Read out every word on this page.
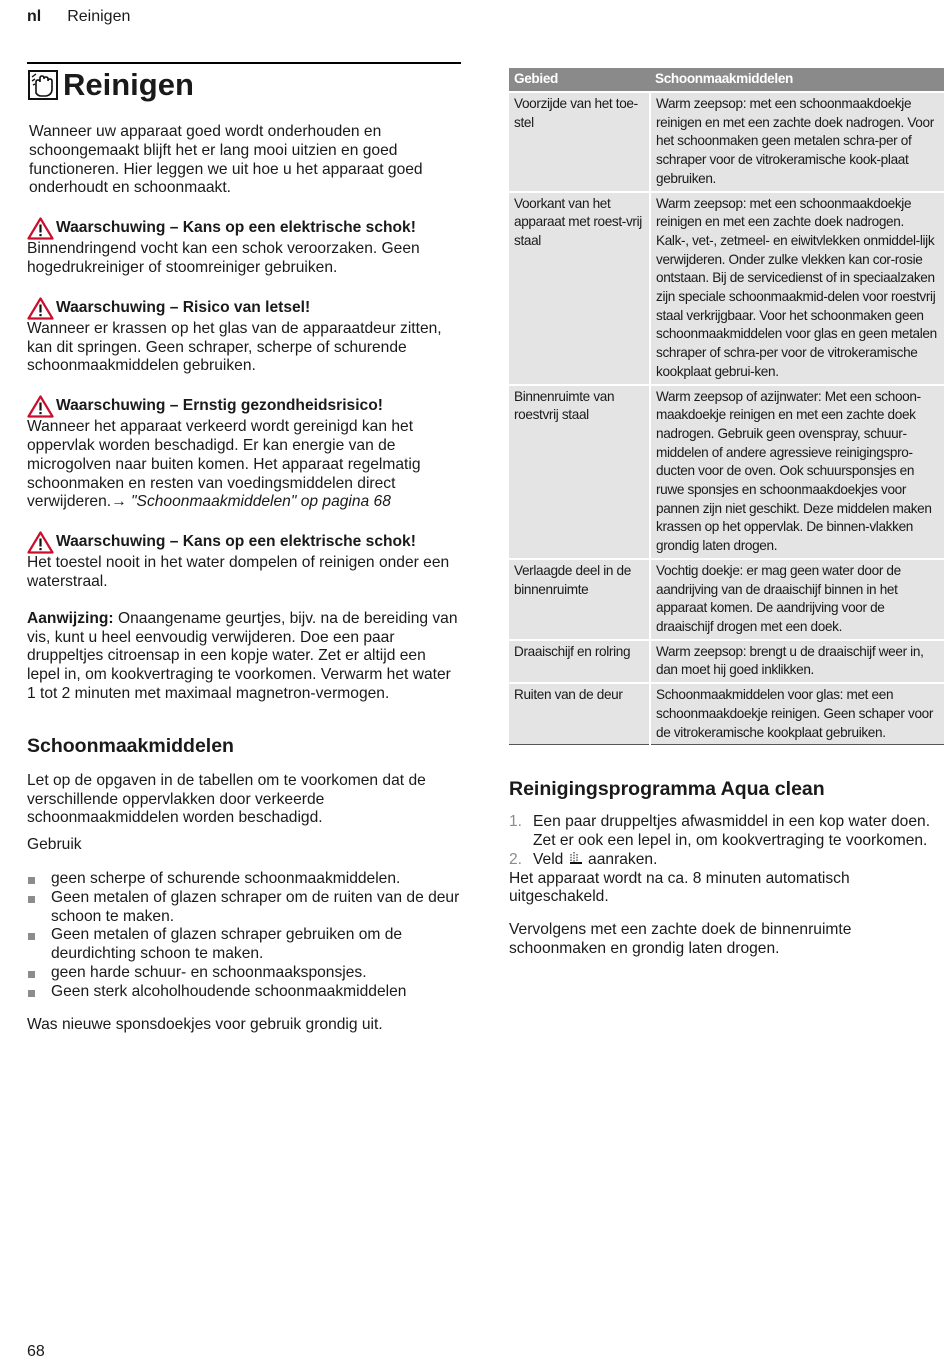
nl Reinigen
Reinigen

Wanneer uw apparaat goed wordt onderhouden en schoongemaakt blijft het er lang mooi uitzien en goed functioneren. Hier leggen we uit hoe u het apparaat goed onderhoudt en schoonmaakt.

Waarschuwing – Kans op een elektrische schok!

Binnendringend vocht kan een schok veroorzaken. Geen hogedrukreiniger of stoomreiniger gebruiken.

Waarschuwing – Risico van letsel!

Wanneer er krassen op het glas van de apparaatdeur zitten, kan dit springen. Geen schraper, scherpe of schurende schoonmaakmiddelen gebruiken.

Waarschuwing – Ernstig gezondheidsrisico!

Wanneer het apparaat verkeerd wordt gereinigd kan het oppervlak worden beschadigd. Er kan energie van de microgolven naar buiten komen. Het apparaat regelmatig schoonmaken en resten van voedingsmiddelen direct verwijderen.→ "Schoonmaakmiddelen" op pagina 68

Waarschuwing – Kans op een elektrische schok!

Het toestel nooit in het water dompelen of reinigen onder een waterstraal.

Aanwijzing: Onaangename geurtjes, bijv. na de bereiding van vis, kunt u heel eenvoudig verwijderen. Doe een paar druppeltjes citroensap in een kopje water. Zet er altijd een lepel in, om kookvertraging te voorkomen. Verwarm het water 1 tot 2 minuten met maximaal magnetron-vermogen.

Schoonmaakmiddelen

Let op de opgaven in de tabellen om te voorkomen dat de verschillende oppervlakken door verkeerde schoonmaakmiddelen worden beschadigd.

Gebruik

geen scherpe of schurende schoonmaakmiddelen.
Geen metalen of glazen schraper om de ruiten van de deur schoon te maken.
Geen metalen of glazen schraper gebruiken om de deurdichting schoon te maken.
geen harde schuur- en schoonmaaksponsjes.
Geen sterk alcoholhoudende schoonmaakmiddelen

Was nieuwe sponsdoekjes voor gebruik grondig uit.

Gebied	Schoonmaakmiddelen
Voorzijde van het toe-stel	Warm zeepsop: met een schoonmaakdoekje reinigen en met een zachte doek nadrogen. Voor het schoonmaken geen metalen schra-per of schraper voor de vitrokeramische kook-plaat gebruiken.
Voorkant van het apparaat met roest-vrij staal	Warm zeepsop: met een schoonmaakdoekje reinigen en met een zachte doek nadrogen. Kalk-, vet-, zetmeel- en eiwitvlekken onmiddel-lijk verwijderen. Onder zulke vlekken kan cor-rosie ontstaan. Bij de servicedienst of in speciaalzaken zijn speciale schoonmaakmid-delen voor roestvrij staal verkrijgbaar. Voor het schoonmaken geen schoonmaakmiddelen voor glas en geen metalen schraper of schra-per voor de vitrokeramische kookplaat gebrui-ken.
Binnenruimte van roestvrij staal	Warm zeepsop of azijnwater: Met een schoon-maakdoekje reinigen en met een zachte doek nadrogen. Gebruik geen ovenspray, schuur-middelen of andere agressieve reinigingspro-ducten voor de oven. Ook schuursponsjes en ruwe sponsjes en schoonmaakdoekjes voor pannen zijn niet geschikt. Deze middelen maken krassen op het oppervlak. De binnen-vlakken grondig laten drogen.
Verlaagde deel in de binnenruimte	Vochtig doekje: er mag geen water door de aandrijving van de draaischijf binnen in het apparaat komen. De aandrijving voor de draaischijf drogen met een doek.
Draaischijf en rolring	Warm zeepsop: brengt u de draaischijf weer in, dan moet hij goed inklikken.
Ruiten van de deur	Schoonmaakmiddelen voor glas: met een schoonmaakdoekje reinigen. Geen schaper voor de vitrokeramische kookplaat gebruiken.
Reinigingsprogramma Aqua clean
1. Een paar druppeltjes afwasmiddel in een kop water doen. Zet er ook een lepel in, om kookvertraging te voorkomen.
2. Veld aanraken.

Het apparaat wordt na ca. 8 minuten automatisch uitgeschakeld.

Vervolgens met een zachte doek de binnenruimte schoonmaken en grondig laten drogen.

68
